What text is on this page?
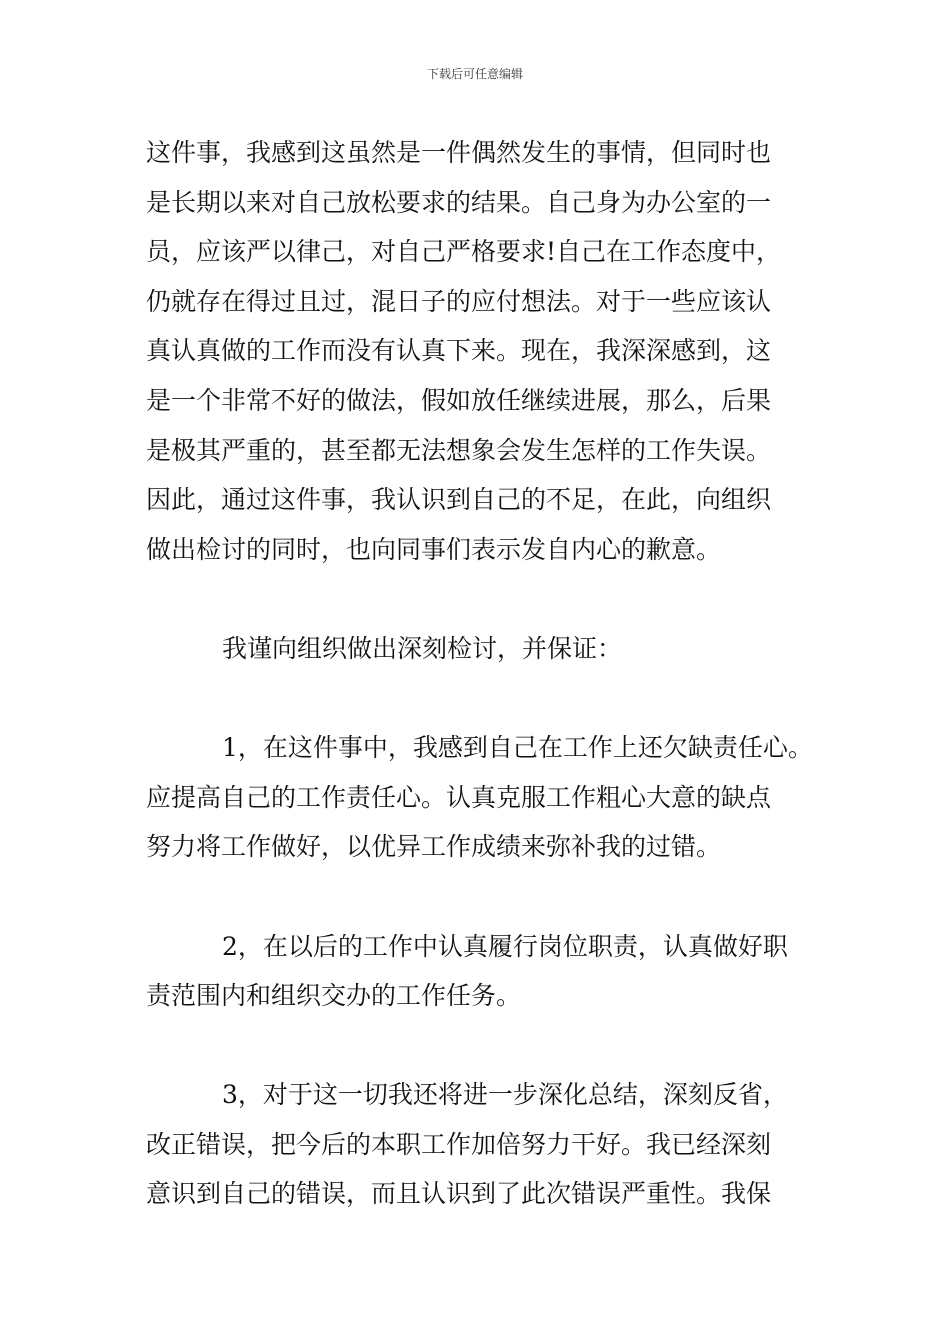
下载后可任意编辑
这件事，我感到这虽然是一件偶然发生的事情，但同时也
是长期以来对自己放松要求的结果。自己身为办公室的一
员，应该严以律己，对自己严格要求!自己在工作态度中，
仍就存在得过且过，混日子的应付想法。对于一些应该认
真认真做的工作而没有认真下来。现在，我深深感到，这
是一个非常不好的做法，假如放任继续进展，那么，后果
是极其严重的，甚至都无法想象会发生怎样的工作失误。
因此，通过这件事，我认识到自己的不足，在此，向组织
做出检讨的同时，也向同事们表示发自内心的歉意。
我谨向组织做出深刻检讨，并保证：
1，在这件事中，我感到自己在工作上还欠缺责任心。
应提高自己的工作责任心。认真克服工作粗心大意的缺点
努力将工作做好，以优异工作成绩来弥补我的过错。
2，在以后的工作中认真履行岗位职责，认真做好职
责范围内和组织交办的工作任务。
3，对于这一切我还将进一步深化总结，深刻反省，
改正错误，把今后的本职工作加倍努力干好。我已经深刻
意识到自己的错误，而且认识到了此次错误严重性。我保
